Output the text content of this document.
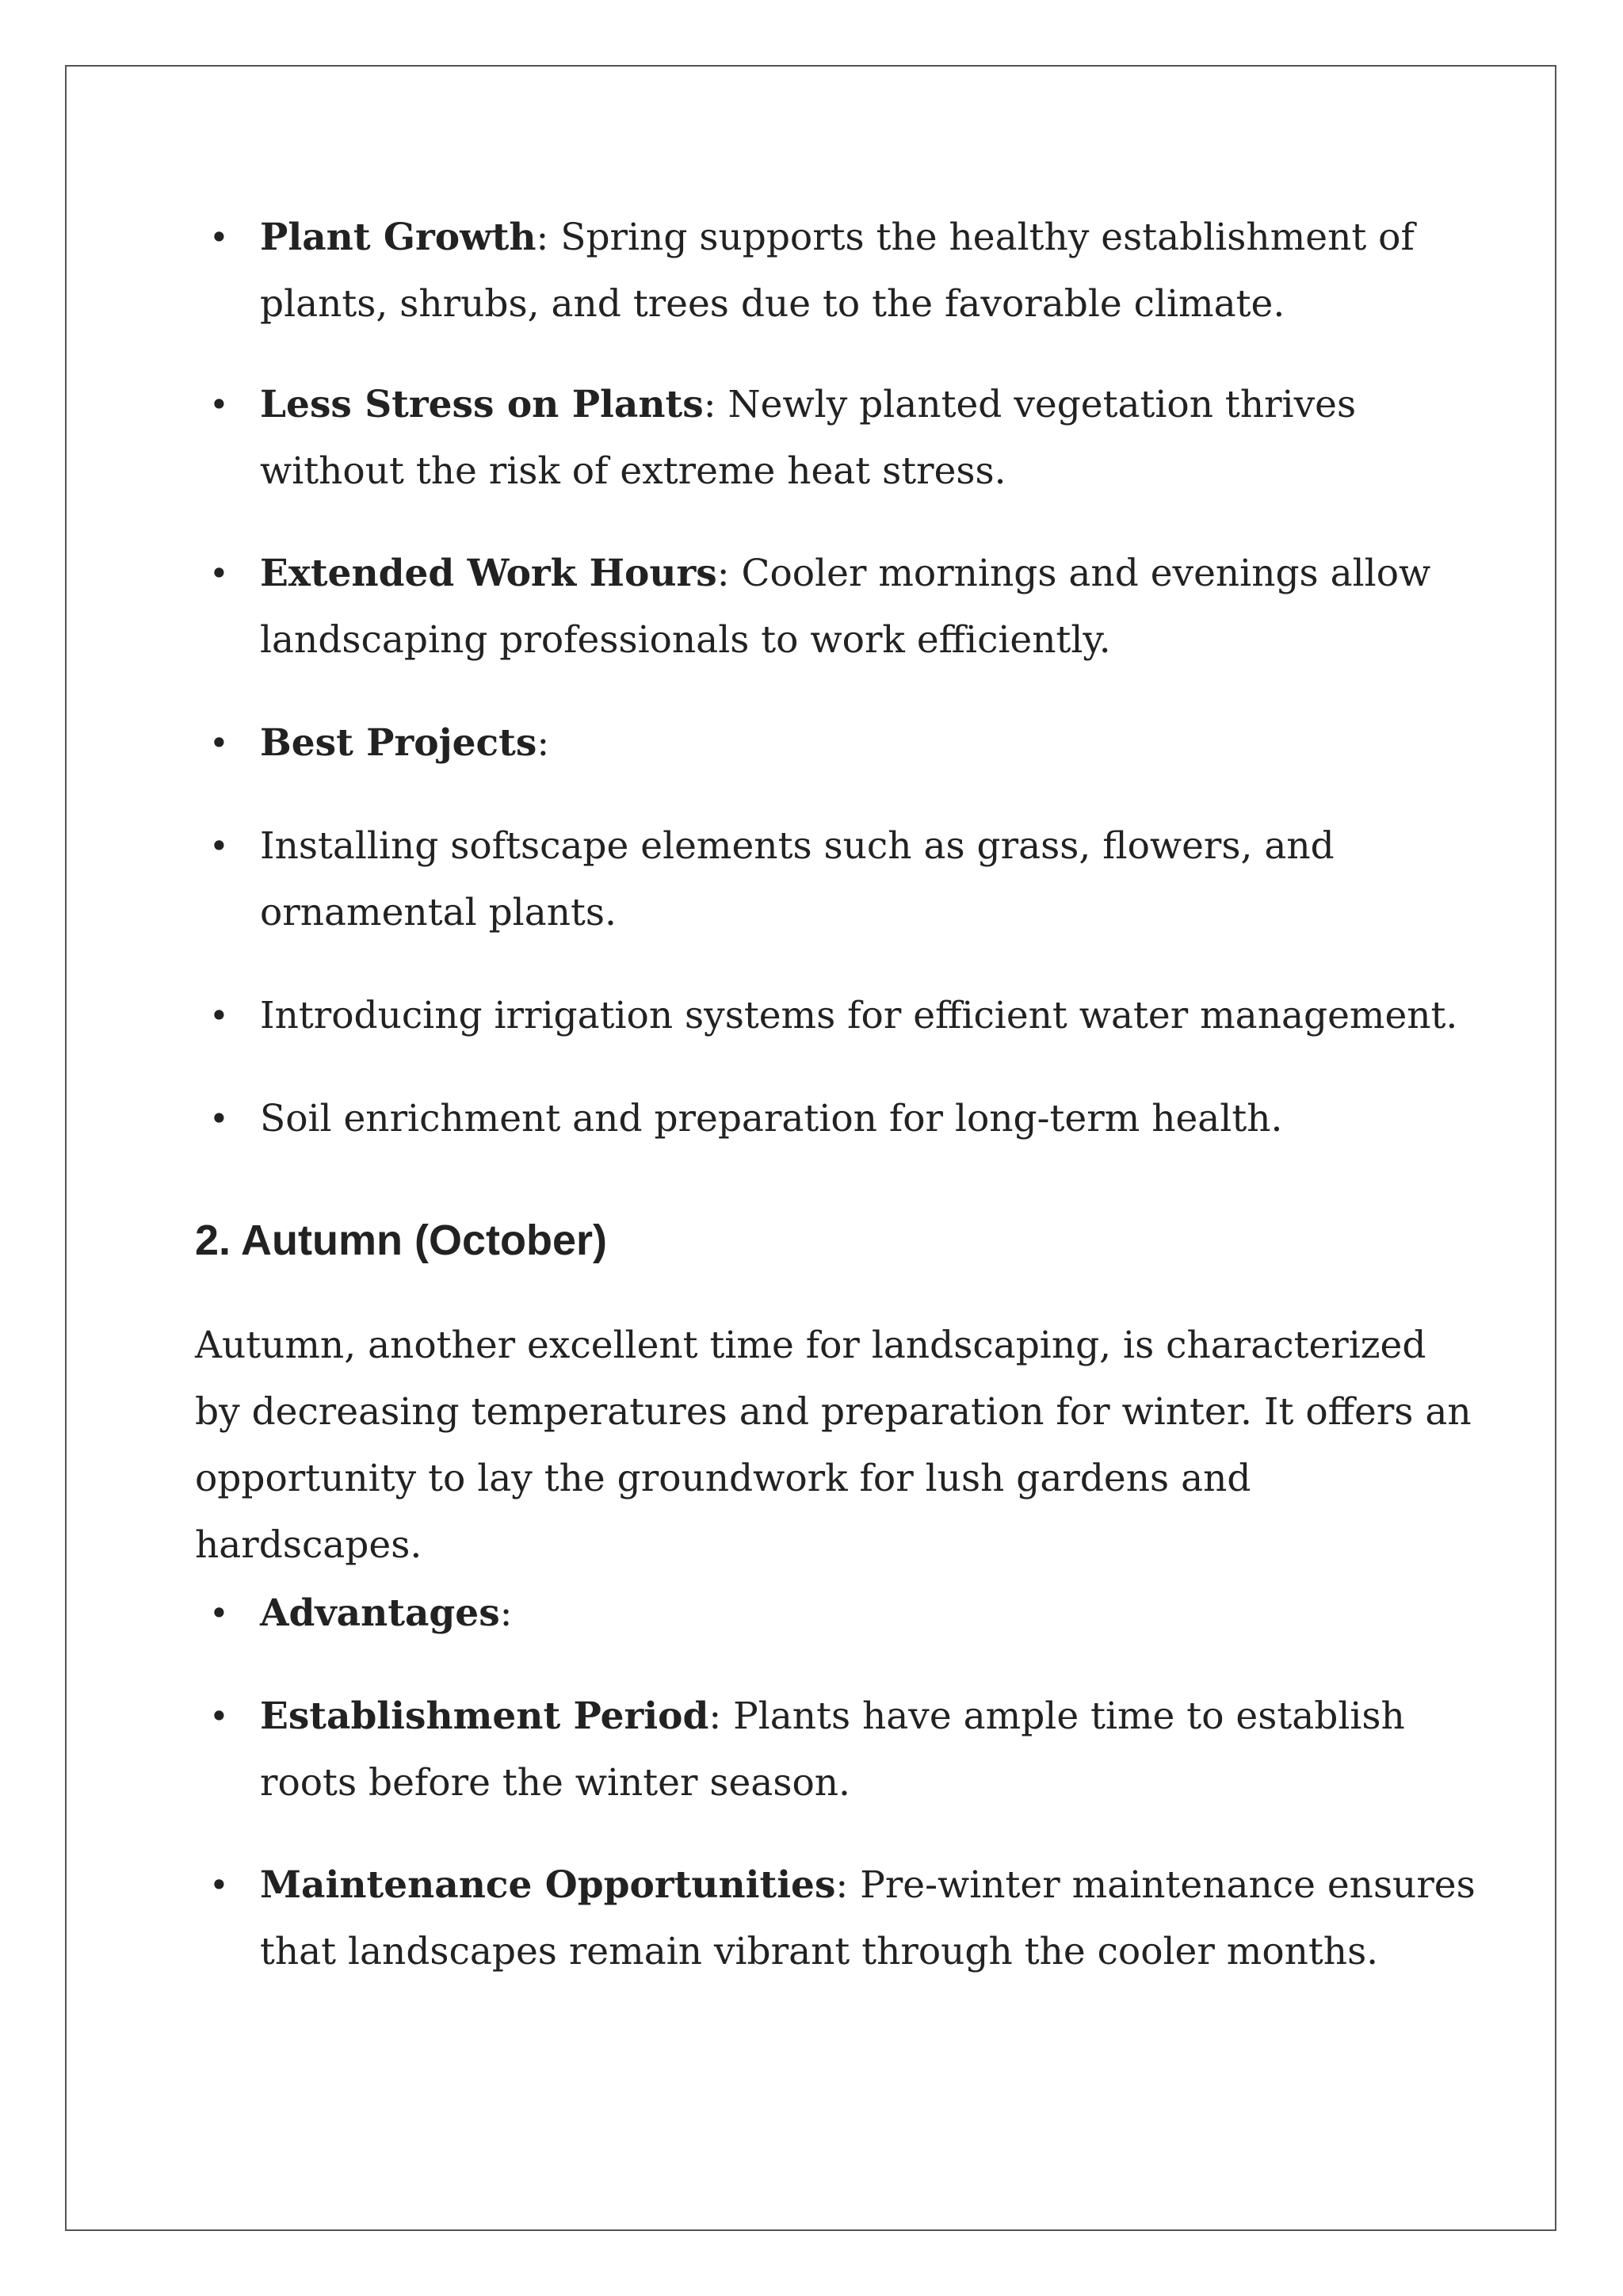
• Plant Growth: Spring supports the healthy establishment of plants, shrubs, and trees due to the favorable climate.
• Less Stress on Plants: Newly planted vegetation thrives without the risk of extreme heat stress.
• Extended Work Hours: Cooler mornings and evenings allow landscaping professionals to work efficiently.
• Best Projects:
• Installing softscape elements such as grass, flowers, and ornamental plants.
• Introducing irrigation systems for efficient water management.
• Soil enrichment and preparation for long-term health.
2. Autumn (October)

Autumn, another excellent time for landscaping, is characterized by decreasing temperatures and preparation for winter. It offers an opportunity to lay the groundwork for lush gardens and hardscapes.

• Advantages:
• Establishment Period: Plants have ample time to establish roots before the winter season.
• Maintenance Opportunities: Pre-winter maintenance ensures that landscapes remain vibrant through the cooler months.
